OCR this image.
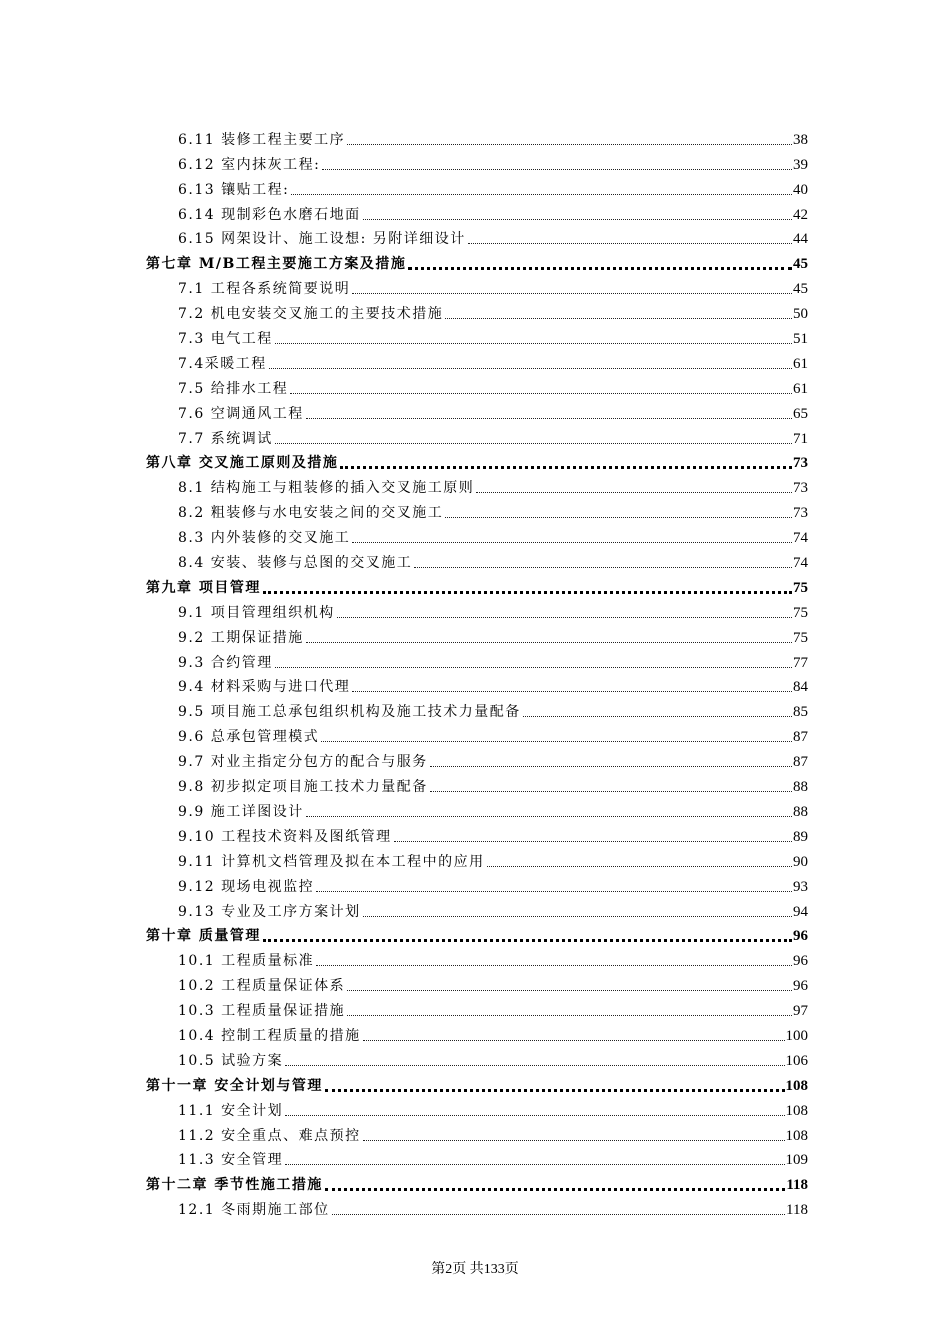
6.11 装修工程主要工序	38
6.12 室内抹灰工程:	39
6.13 镶贴工程:	40
6.14 现制彩色水磨石地面	42
6.15 网架设计、施工设想: 另附详细设计	44
第七章 M/B工程主要施工方案及措施	45
7.1 工程各系统简要说明	45
7.2 机电安装交叉施工的主要技术措施	50
7.3 电气工程	51
7.4采暖工程	61
7.5 给排水工程	61
7.6 空调通风工程	65
7.7 系统调试	71
第八章 交叉施工原则及措施	73
8.1 结构施工与粗装修的插入交叉施工原则	73
8.2 粗装修与水电安装之间的交叉施工	73
8.3 内外装修的交叉施工	74
8.4 安装、装修与总图的交叉施工	74
第九章 项目管理	75
9.1 项目管理组织机构	75
9.2 工期保证措施	75
9.3 合约管理	77
9.4 材料采购与进口代理	84
9.5 项目施工总承包组织机构及施工技术力量配备	85
9.6 总承包管理模式	87
9.7 对业主指定分包方的配合与服务	87
9.8 初步拟定项目施工技术力量配备	88
9.9 施工详图设计	88
9.10 工程技术资料及图纸管理	89
9.11 计算机文档管理及拟在本工程中的应用	90
9.12 现场电视监控	93
9.13 专业及工序方案计划	94
第十章 质量管理	96
10.1 工程质量标准	96
10.2 工程质量保证体系	96
10.3 工程质量保证措施	97
10.4 控制工程质量的措施	100
10.5 试验方案	106
第十一章 安全计划与管理	108
11.1 安全计划	108
11.2 安全重点、难点预控	108
11.3 安全管理	109
第十二章 季节性施工措施	118
12.1 冬雨期施工部位	118
第2页 共133页
